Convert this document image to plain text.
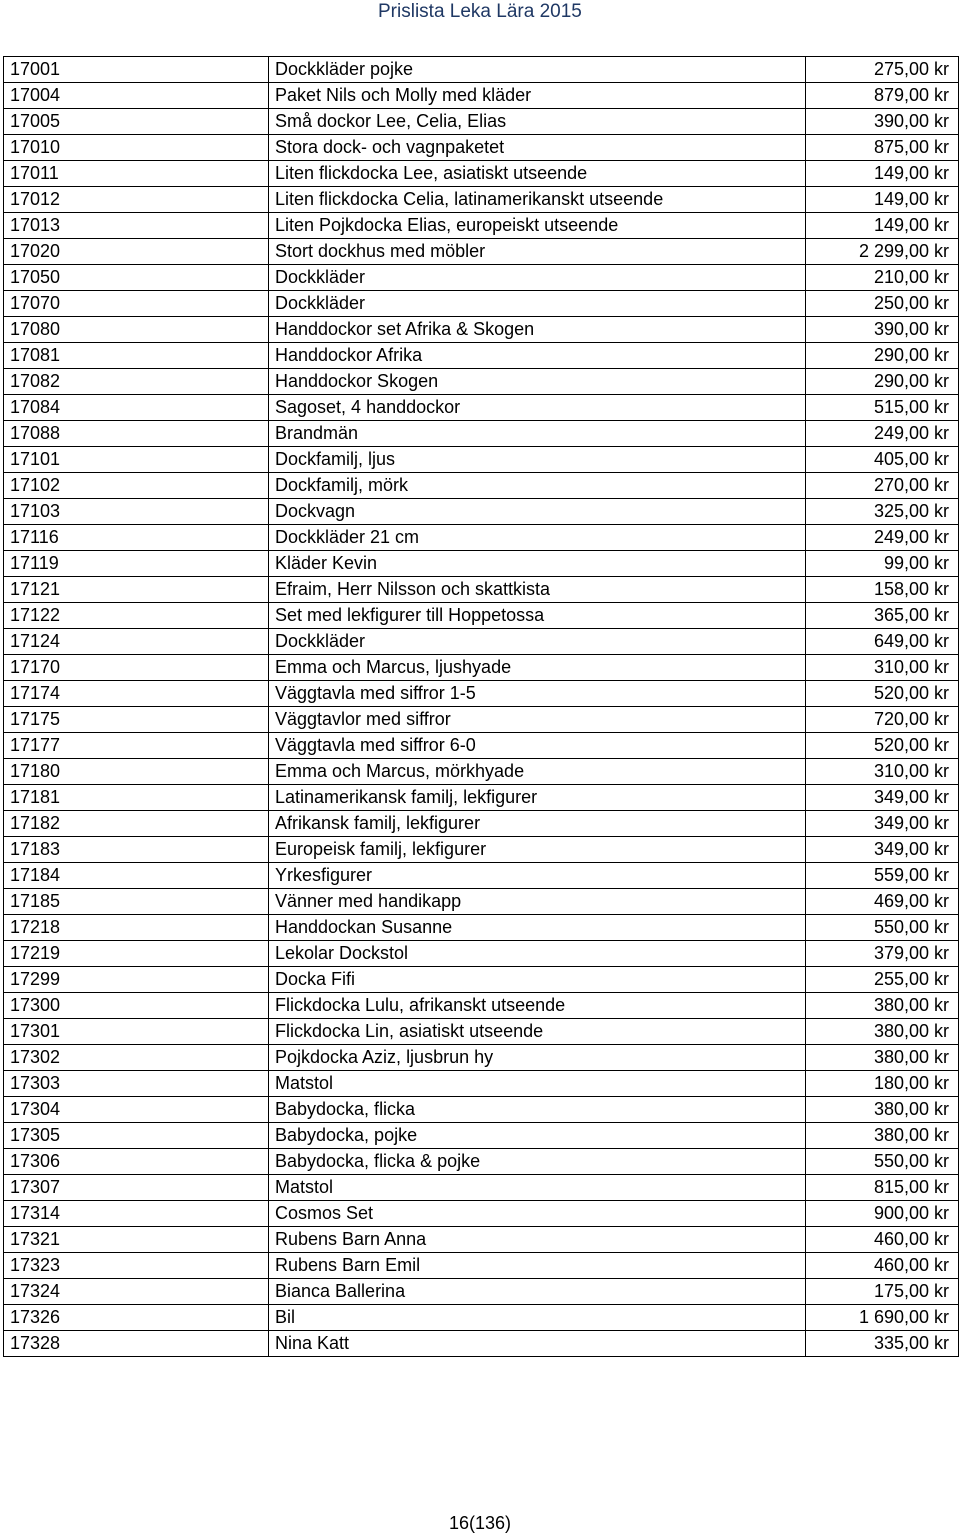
Prislista Leka Lära 2015
17001	Dockkläder pojke	275,00 kr
17004	Paket Nils och Molly med kläder	879,00 kr
17005	Små dockor Lee, Celia, Elias	390,00 kr
17010	Stora dock- och vagnpaketet	875,00 kr
17011	Liten flickdocka Lee, asiatiskt utseende	149,00 kr
17012	Liten flickdocka Celia, latinamerikanskt utseende	149,00 kr
17013	Liten Pojkdocka Elias, europeiskt utseende	149,00 kr
17020	Stort dockhus med möbler	2 299,00 kr
17050	Dockkläder	210,00 kr
17070	Dockkläder	250,00 kr
17080	Handdockor set Afrika & Skogen	390,00 kr
17081	Handdockor Afrika	290,00 kr
17082	Handdockor Skogen	290,00 kr
17084	Sagoset, 4 handdockor	515,00 kr
17088	Brandmän	249,00 kr
17101	Dockfamilj, ljus	405,00 kr
17102	Dockfamilj, mörk	270,00 kr
17103	Dockvagn	325,00 kr
17116	Dockkläder 21 cm	249,00 kr
17119	Kläder Kevin	99,00 kr
17121	Efraim, Herr Nilsson och skattkista	158,00 kr
17122	Set med lekfigurer till Hoppetossa	365,00 kr
17124	Dockkläder	649,00 kr
17170	Emma och Marcus, ljushyade	310,00 kr
17174	Väggtavla med siffror 1-5	520,00 kr
17175	Väggtavlor med siffror	720,00 kr
17177	Väggtavla med siffror 6-0	520,00 kr
17180	Emma och Marcus, mörkhyade	310,00 kr
17181	Latinamerikansk familj, lekfigurer	349,00 kr
17182	Afrikansk familj, lekfigurer	349,00 kr
17183	Europeisk familj, lekfigurer	349,00 kr
17184	Yrkesfigurer	559,00 kr
17185	Vänner med handikapp	469,00 kr
17218	Handdockan Susanne	550,00 kr
17219	Lekolar Dockstol	379,00 kr
17299	Docka Fifi	255,00 kr
17300	Flickdocka Lulu, afrikanskt utseende	380,00 kr
17301	Flickdocka Lin, asiatiskt utseende	380,00 kr
17302	Pojkdocka Aziz, ljusbrun hy	380,00 kr
17303	Matstol	180,00 kr
17304	Babydocka, flicka	380,00 kr
17305	Babydocka, pojke	380,00 kr
17306	Babydocka, flicka & pojke	550,00 kr
17307	Matstol	815,00 kr
17314	Cosmos Set	900,00 kr
17321	Rubens Barn Anna	460,00 kr
17323	Rubens Barn Emil	460,00 kr
17324	Bianca Ballerina	175,00 kr
17326	Bil	1 690,00 kr
17328	Nina Katt	335,00 kr
16(136)
